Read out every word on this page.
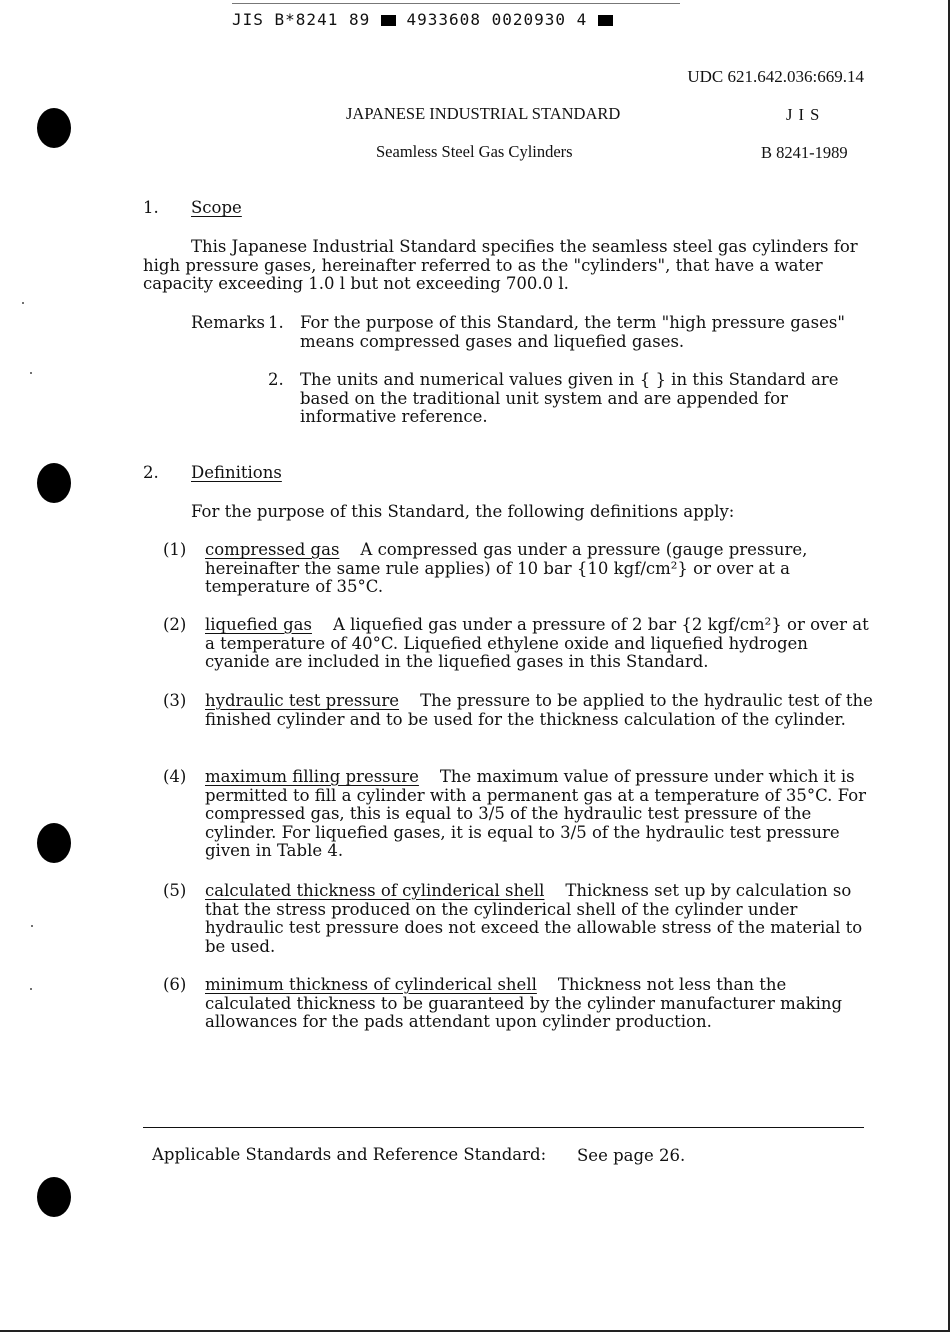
JIS B*8241 89 4933608 0020930 4
UDC 621.642.036:669.14
JAPANESE INDUSTRIAL STANDARD	J I S
Seamless Steel Gas Cylinders	B 8241-1989
1. Scope
This Japanese Industrial Standard specifies the seamless steel gas cylinders for high pressure gases, hereinafter referred to as the "cylinders", that have a water capacity exceeding 1.0 l but not exceeding 700.0 l.
Remarks 1. For the purpose of this Standard, the term "high pressure gases" means compressed gases and liquefied gases.
2. The units and numerical values given in { } in this Standard are based on the traditional unit system and are appended for informative reference.
2. Definitions
For the purpose of this Standard, the following definitions apply:
(1) compressed gas A compressed gas under a pressure (gauge pressure, hereinafter the same rule applies) of 10 bar {10 kgf/cm²} or over at a temperature of 35°C.
(2) liquefied gas A liquefied gas under a pressure of 2 bar {2 kgf/cm²} or over at a temperature of 40°C. Liquefied ethylene oxide and liquefied hydrogen cyanide are included in the liquefied gases in this Standard.
(3) hydraulic test pressure The pressure to be applied to the hydraulic test of the finished cylinder and to be used for the thickness calculation of the cylinder.
(4) maximum filling pressure The maximum value of pressure under which it is permitted to fill a cylinder with a permanent gas at a temperature of 35°C. For compressed gas, this is equal to 3/5 of the hydraulic test pressure of the cylinder. For liquefied gases, it is equal to 3/5 of the hydraulic test pressure given in Table 4.
(5) calculated thickness of cylinderical shell Thickness set up by calculation so that the stress produced on the cylinderical shell of the cylinder under hydraulic test pressure does not exceed the allowable stress of the material to be used.
(6) minimum thickness of cylinderical shell Thickness not less than the calculated thickness to be guaranteed by the cylinder manufacturer making allowances for the pads attendant upon cylinder production.
Applicable Standards and Reference Standard: See page 26.
